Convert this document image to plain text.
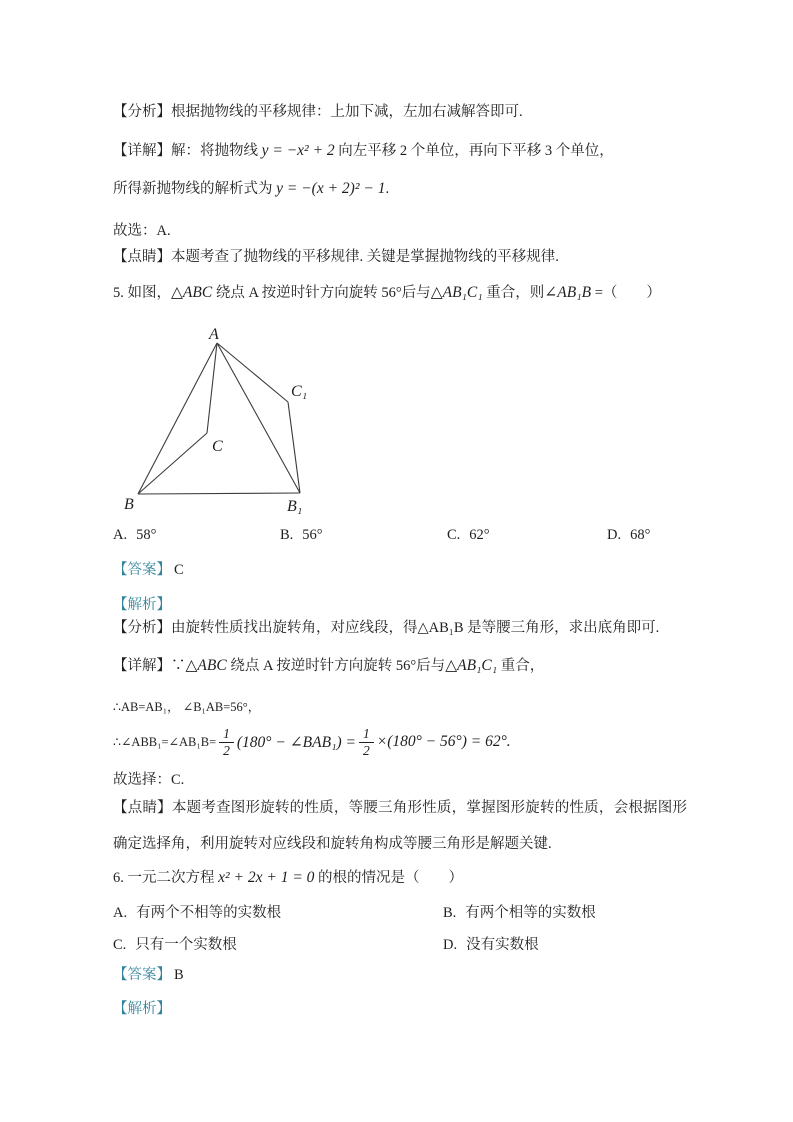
【分析】根据抛物线的平移规律：上加下减，左加右减解答即可.

【详解】解：将抛物线 y = −x² + 2 向左平移 2 个单位，再向下平移 3 个单位，

所得新抛物线的解析式为 y = −(x + 2)² − 1.

故选：A.

【点睛】本题考查了抛物线的平移规律. 关键是掌握抛物线的平移规律.

5. 如图，△ABC 绕点 A 按逆时针方向旋转 56°后与△AB₁C₁ 重合，则∠AB₁B =（　　）

A
B
C
B₁
C₁
A. 58°	B. 56°	C. 62°	D. 68°

【答案】 C

【解析】

【分析】由旋转性质找出旋转角，对应线段，得△AB₁B 是等腰三角形，求出底角即可.

【详解】∵△ABC 绕点 A 按逆时针方向旋转 56°后与△AB₁C₁ 重合，

∴AB=AB₁， ∠B₁AB=56°，

∴∠ABB₁=∠AB₁B= $\frac{1}{2} (180^\circ$ − ∠BAB₁) = $\frac{1}{2} \times(180^\circ - 56^\circ) = 62^\circ$.

故选择：C.

【点睛】本题考查图形旋转的性质，等腰三角形性质，掌握图形旋转的性质，会根据图形确定选择角，利用旋转对应线段和旋转角构成等腰三角形是解题关键.

6. 一元二次方程 x² + 2x + 1 = 0 的根的情况是（　　）

A. 有两个不相等的实数根	B. 有两个相等的实数根
C. 只有一个实数根	D. 没有实数根

【答案】 B

【解析】
